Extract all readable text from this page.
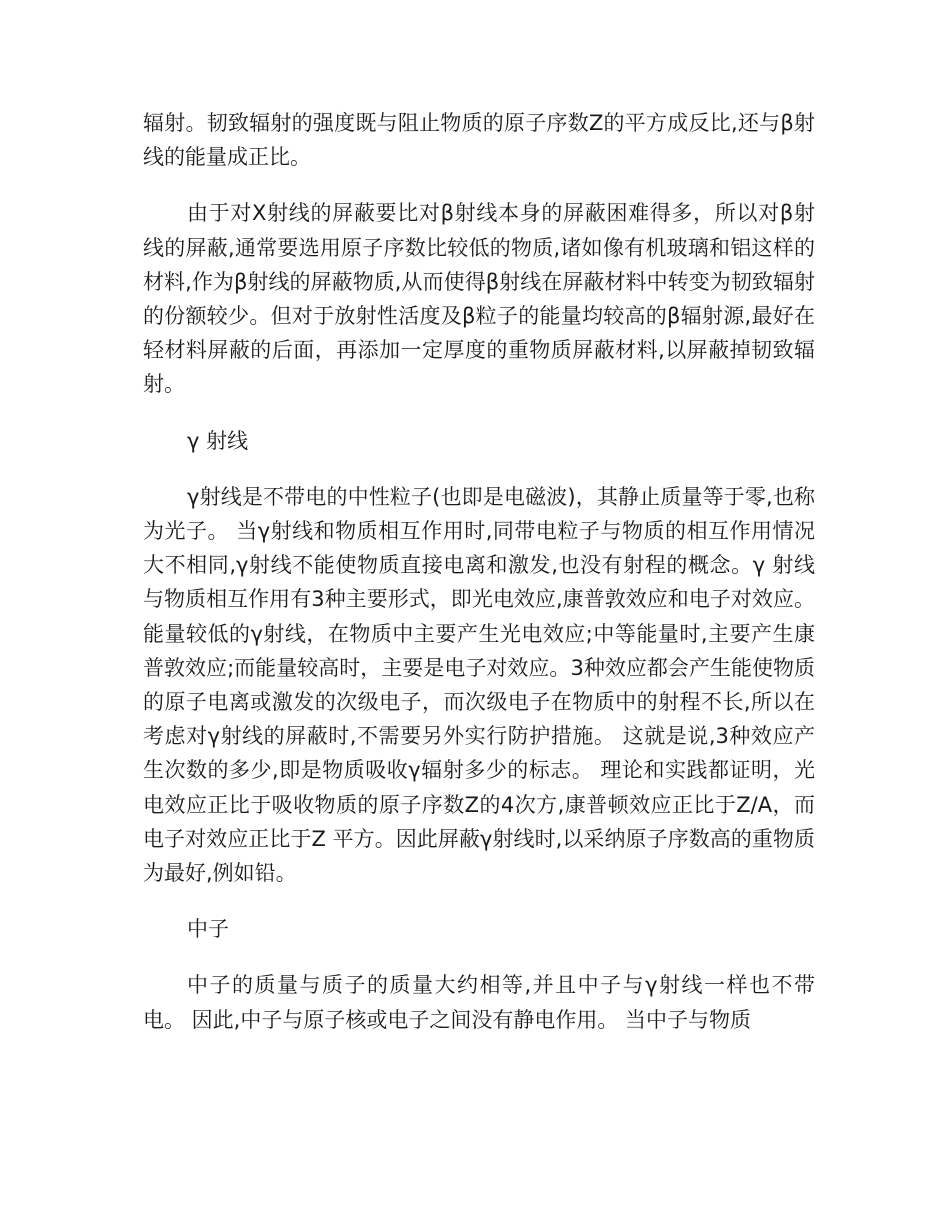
辐射。韧致辐射的强度既与阻止物质的原子序数Z的平方成反比,还与β射线的能量成正比。

由于对X射线的屏蔽要比对β射线本身的屏蔽困难得多，所以对β射线的屏蔽,通常要选用原子序数比较低的物质,诸如像有机玻璃和铝这样的材料,作为β射线的屏蔽物质,从而使得β射线在屏蔽材料中转变为韧致辐射的份额较少。但对于放射性活度及β粒子的能量均较高的β辐射源,最好在轻材料屏蔽的后面，再添加一定厚度的重物质屏蔽材料,以屏蔽掉韧致辐射。

γ 射线

γ射线是不带电的中性粒子(也即是电磁波)，其静止质量等于零,也称为光子。 当γ射线和物质相互作用时,同带电粒子与物质的相互作用情况大不相同,γ射线不能使物质直接电离和激发,也没有射程的概念。γ 射线与物质相互作用有3种主要形式，即光电效应,康普敦效应和电子对效应。 能量较低的γ射线，在物质中主要产生光电效应;中等能量时,主要产生康普敦效应;而能量较高时，主要是电子对效应。3种效应都会产生能使物质的原子电离或激发的次级电子，而次级电子在物质中的射程不长,所以在考虑对γ射线的屏蔽时,不需要另外实行防护措施。 这就是说,3种效应产生次数的多少,即是物质吸收γ辐射多少的标志。 理论和实践都证明，光电效应正比于吸收物质的原子序数Z的4次方,康普顿效应正比于Z/A，而电子对效应正比于Z 平方。因此屏蔽γ射线时,以采纳原子序数高的重物质为最好,例如铅。

中子

中子的质量与质子的质量大约相等,并且中子与γ射线一样也不带电。 因此,中子与原子核或电子之间没有静电作用。 当中子与物质
